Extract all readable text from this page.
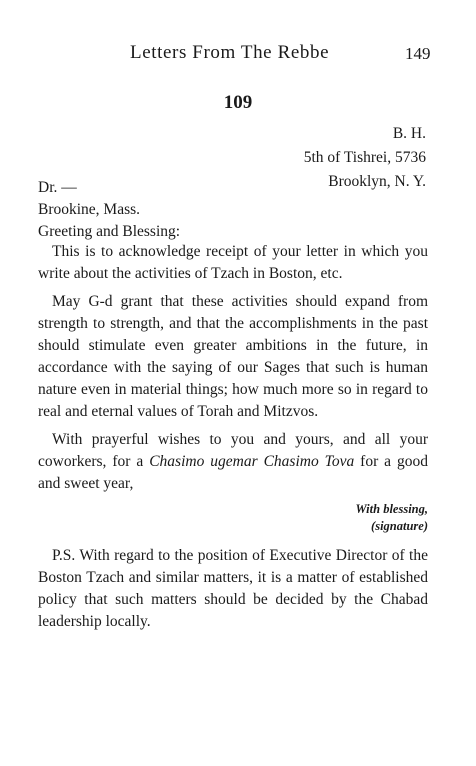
Letters From The Rebbe	149
109
B. H.
5th of Tishrei, 5736
Brooklyn, N. Y.
Dr. —
Brookine, Mass.
Greeting and Blessing:

This is to acknowledge receipt of your letter in which you write about the activities of Tzach in Boston, etc.

May G-d grant that these activities should expand from strength to strength, and that the accomplishments in the past should stimulate even greater ambitions in the future, in accordance with the saying of our Sages that such is human nature even in material things; how much more so in regard to real and eternal values of Torah and Mitzvos.

With prayerful wishes to you and yours, and all your coworkers, for a Chasimo ugemar Chasimo Tova for a good and sweet year,

With blessing,
(signature)

P.S. With regard to the position of Executive Director of the Boston Tzach and similar matters, it is a matter of established policy that such matters should be decided by the Chabad leadership locally.
